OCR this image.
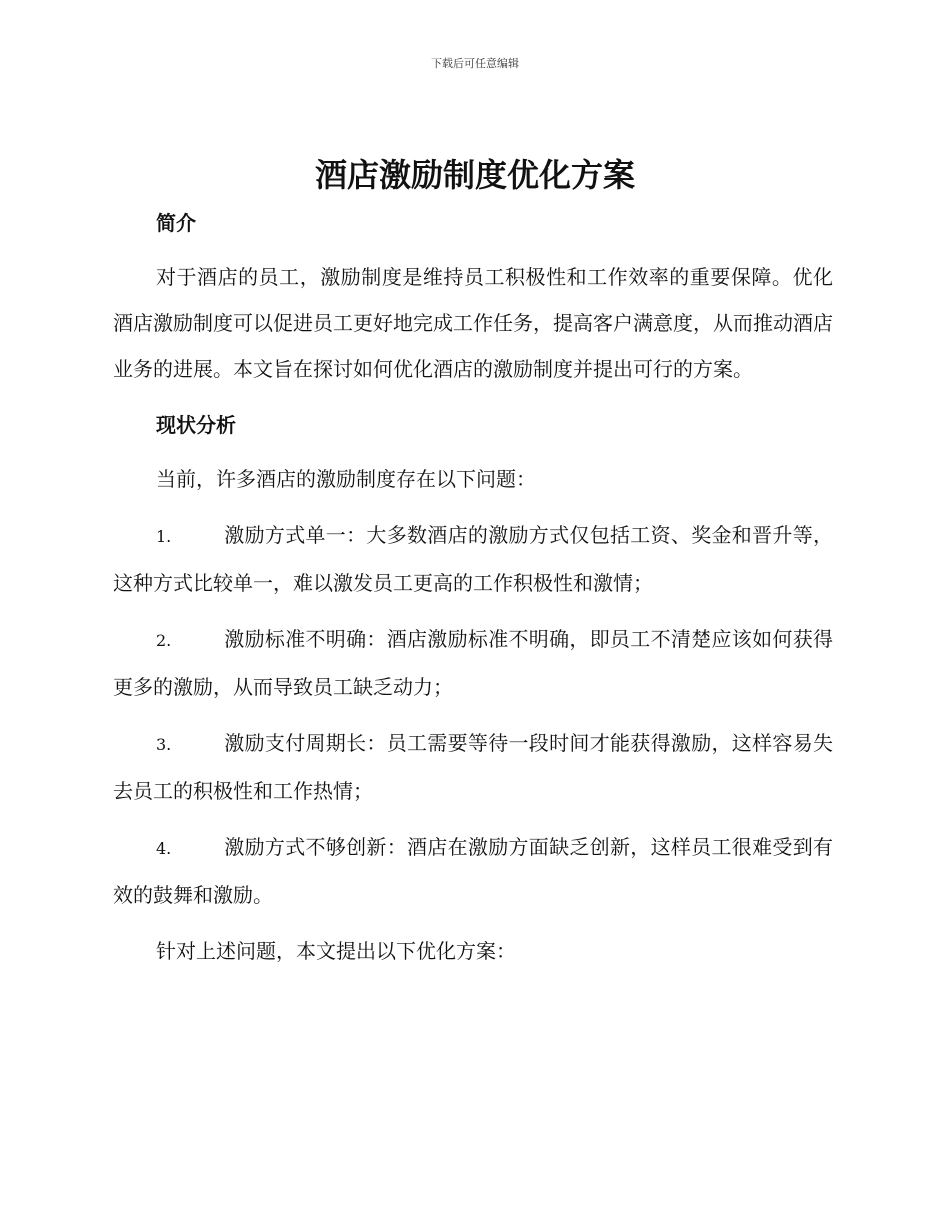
下载后可任意编辑
酒店激励制度优化方案

简介

对于酒店的员工，激励制度是维持员工积极性和工作效率的重要保障。优化酒店激励制度可以促进员工更好地完成工作任务，提高客户满意度，从而推动酒店业务的进展。本文旨在探讨如何优化酒店的激励制度并提出可行的方案。

现状分析

当前，许多酒店的激励制度存在以下问题：

1.	激励方式单一：大多数酒店的激励方式仅包括工资、奖金和晋升等，这种方式比较单一，难以激发员工更高的工作积极性和激情；

2.	激励标准不明确：酒店激励标准不明确，即员工不清楚应该如何获得更多的激励，从而导致员工缺乏动力；

3.	激励支付周期长：员工需要等待一段时间才能获得激励，这样容易失去员工的积极性和工作热情；

4.	激励方式不够创新：酒店在激励方面缺乏创新，这样员工很难受到有效的鼓舞和激励。

针对上述问题，本文提出以下优化方案：
